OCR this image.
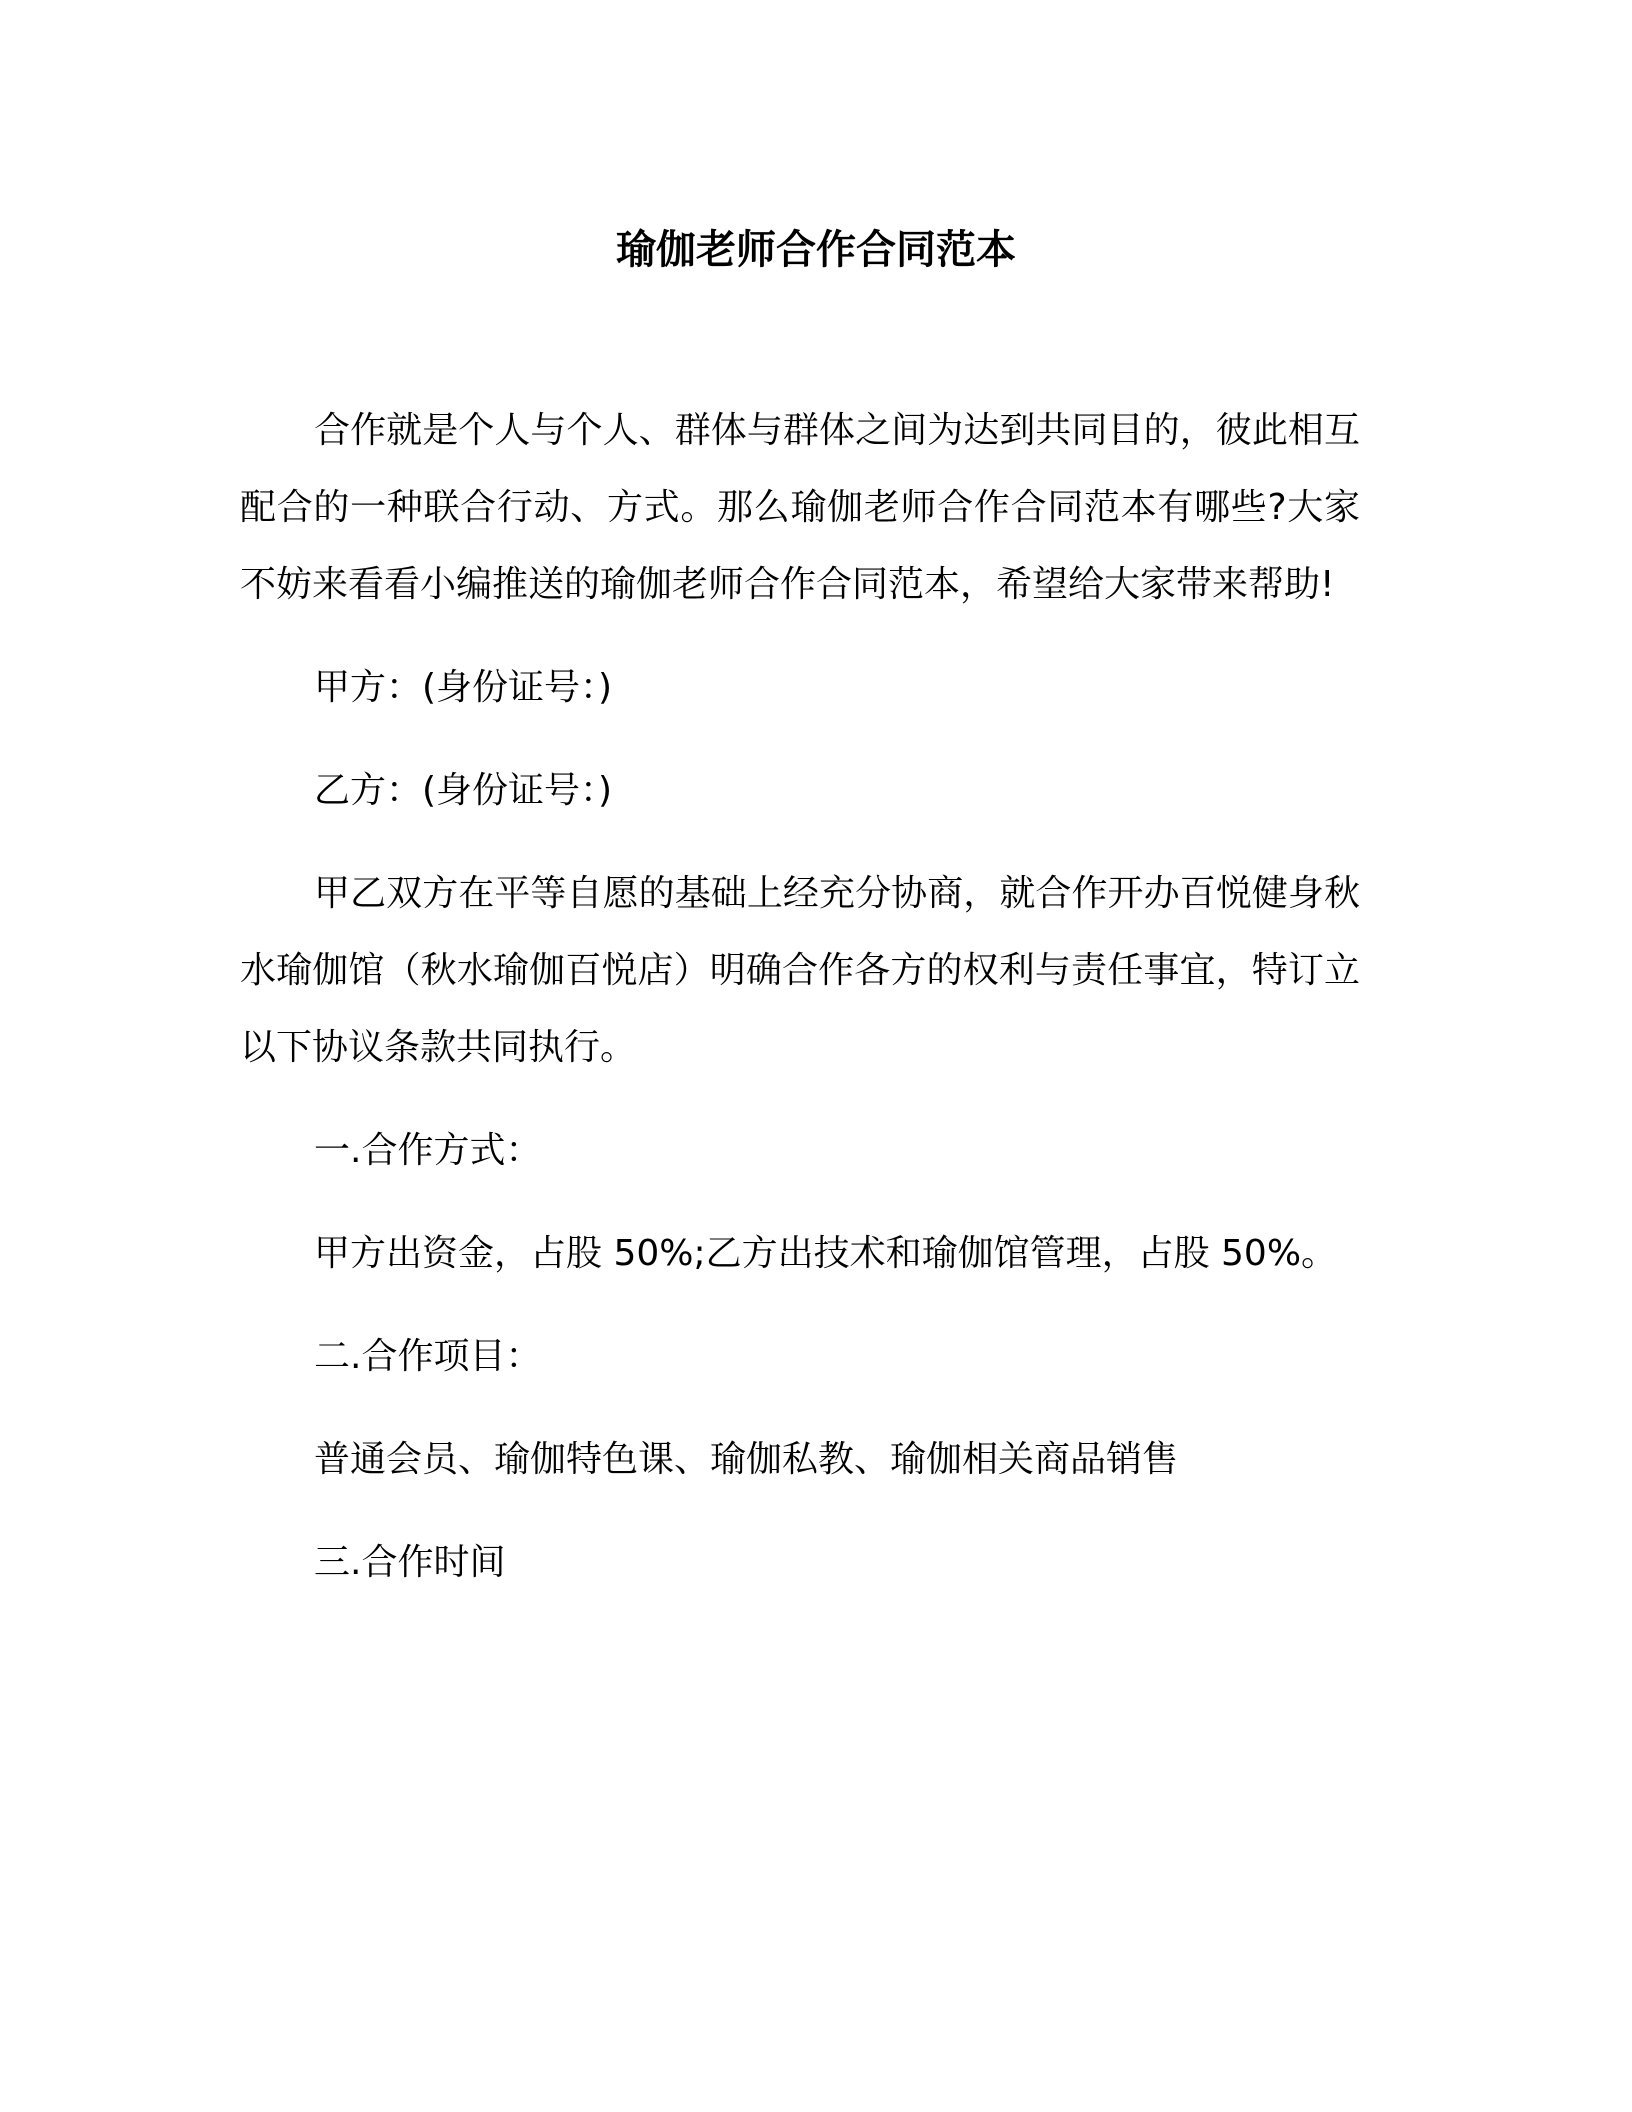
瑜伽老师合作合同范本

合作就是个人与个人、群体与群体之间为达到共同目的，彼此相互配合的一种联合行动、方式。那么瑜伽老师合作合同范本有哪些?大家不妨来看看小编推送的瑜伽老师合作合同范本，希望给大家带来帮助!

甲方：(身份证号：)

乙方：(身份证号：)

甲乙双方在平等自愿的基础上经充分协商，就合作开办百悦健身秋水瑜伽馆（秋水瑜伽百悦店）明确合作各方的权利与责任事宜，特订立以下协议条款共同执行。

一.合作方式：

甲方出资金，占股 50%;乙方出技术和瑜伽馆管理，占股 50%。

二.合作项目：

普通会员、瑜伽特色课、瑜伽私教、瑜伽相关商品销售

三.合作时间
